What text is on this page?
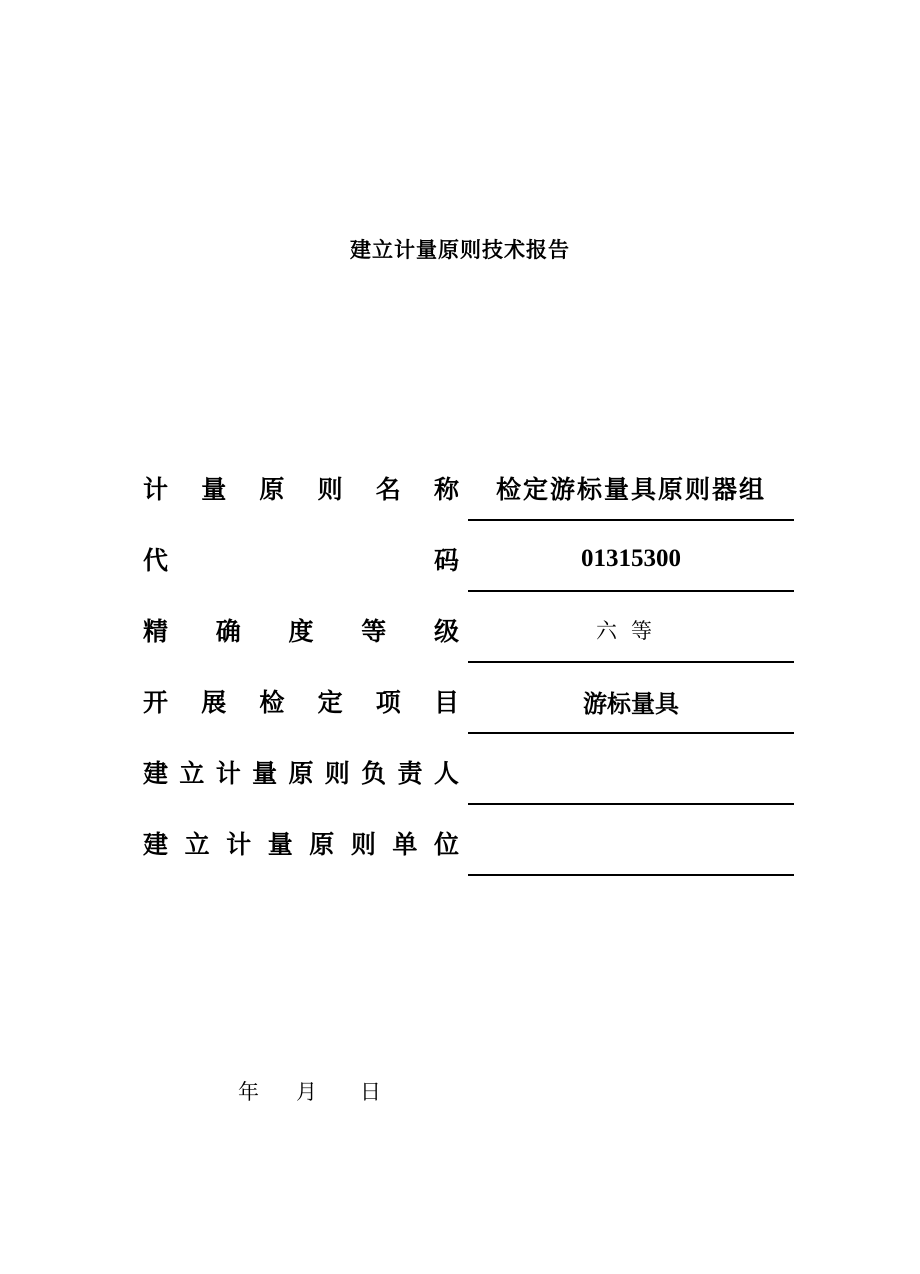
建立计量原则技术报告
计 量 原 则 名 称	检定游标量具原则器组
代	码	01315300
精 确 度 等 级	六等
开 展 检 定 项 目	游标量具
建 立 计 量 原 则 负 责 人
建 立 计 量 原 则 单 位
年	月	日
